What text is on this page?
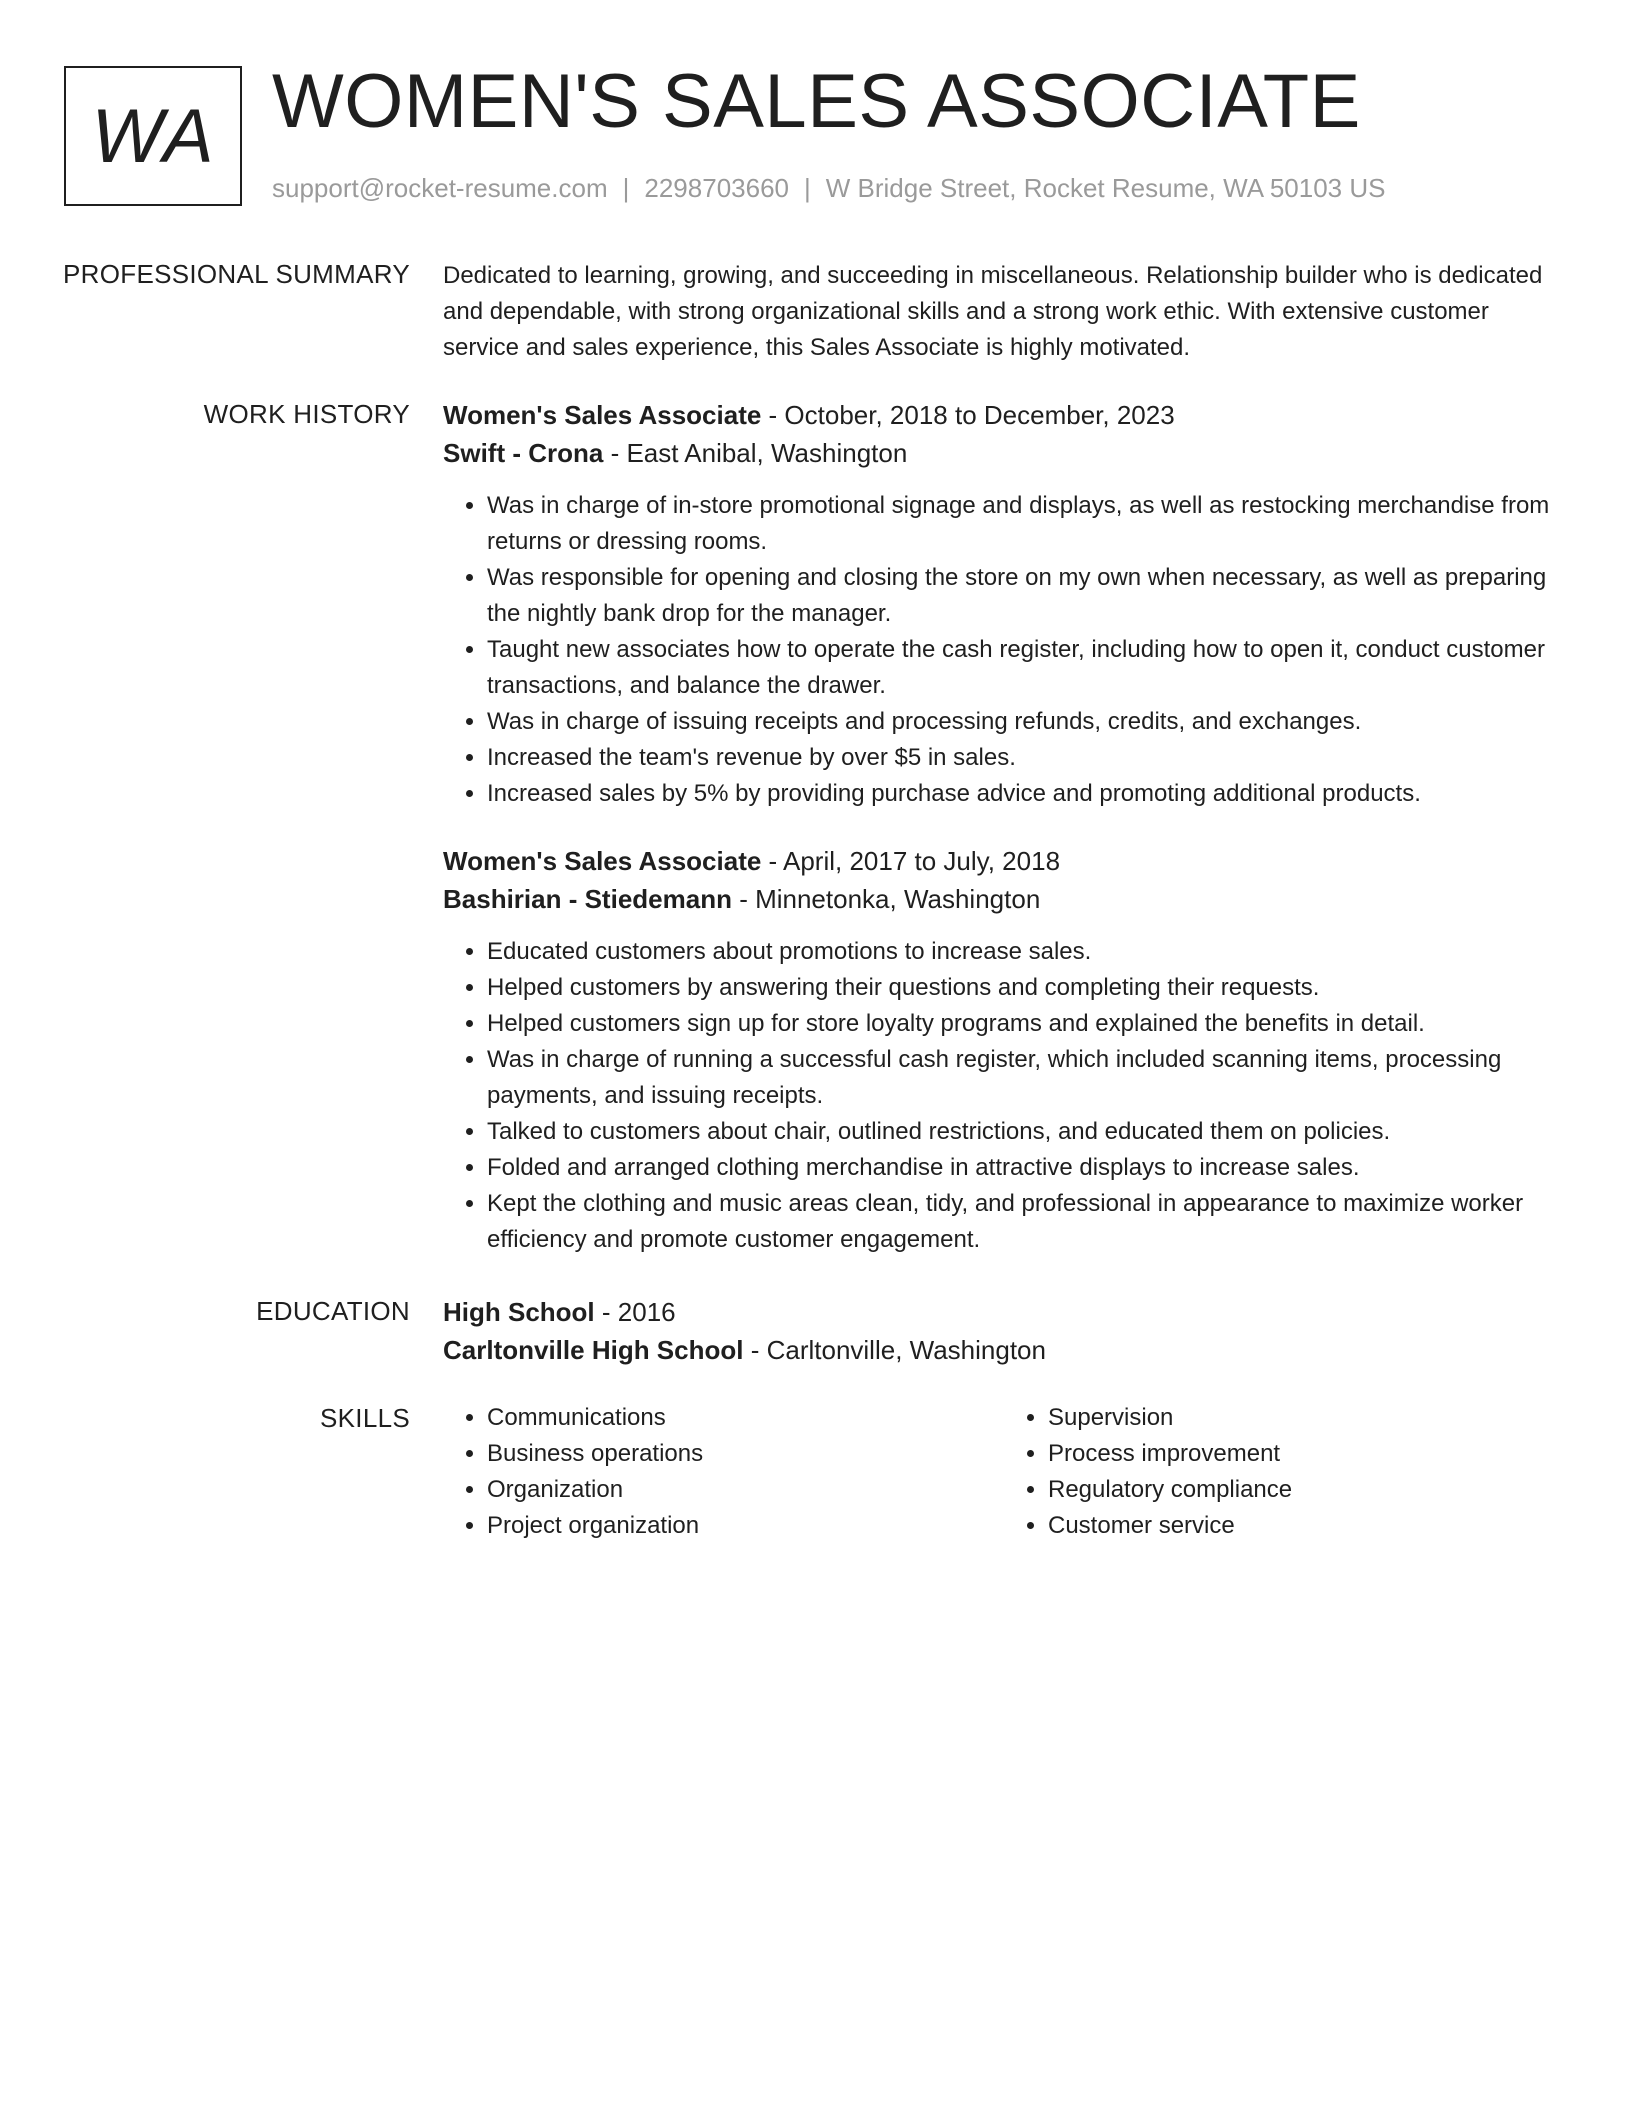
WA WOMEN'S SALES ASSOCIATE
support@rocket-resume.com | 2298703660 | W Bridge Street, Rocket Resume, WA 50103 US
PROFESSIONAL SUMMARY Dedicated to learning, growing, and succeeding in miscellaneous. Relationship builder who is dedicated and dependable, with strong organizational skills and a strong work ethic. With extensive customer service and sales experience, this Sales Associate is highly motivated.

WORK HISTORY Women's Sales Associate - October, 2018 to December, 2023

Swift - Crona - East Anibal, Washington

• Was in charge of in-store promotional signage and displays, as well as restocking merchandise from returns or dressing rooms.
• Was responsible for opening and closing the store on my own when necessary, as well as preparing the nightly bank drop for the manager.
• Taught new associates how to operate the cash register, including how to open it, conduct customer transactions, and balance the drawer.
• Was in charge of issuing receipts and processing refunds, credits, and exchanges.
• Increased the team's revenue by over $5 in sales.
• Increased sales by 5% by providing purchase advice and promoting additional products.

Women's Sales Associate - April, 2017 to July, 2018

Bashirian - Stiedemann - Minnetonka, Washington

• Educated customers about promotions to increase sales.
• Helped customers by answering their questions and completing their requests.
• Helped customers sign up for store loyalty programs and explained the benefits in detail.
• Was in charge of running a successful cash register, which included scanning items, processing payments, and issuing receipts.
• Talked to customers about chair, outlined restrictions, and educated them on policies.
• Folded and arranged clothing merchandise in attractive displays to increase sales.
• Kept the clothing and music areas clean, tidy, and professional in appearance to maximize worker efficiency and promote customer engagement.
EDUCATION High School - 2016

Carltonville High School - Carltonville, Washington

SKILLS
•	Communications
• Business operations
• Organization
• Project organization
• Supervision
• Process improvement
• Regulatory compliance
• Customer service
